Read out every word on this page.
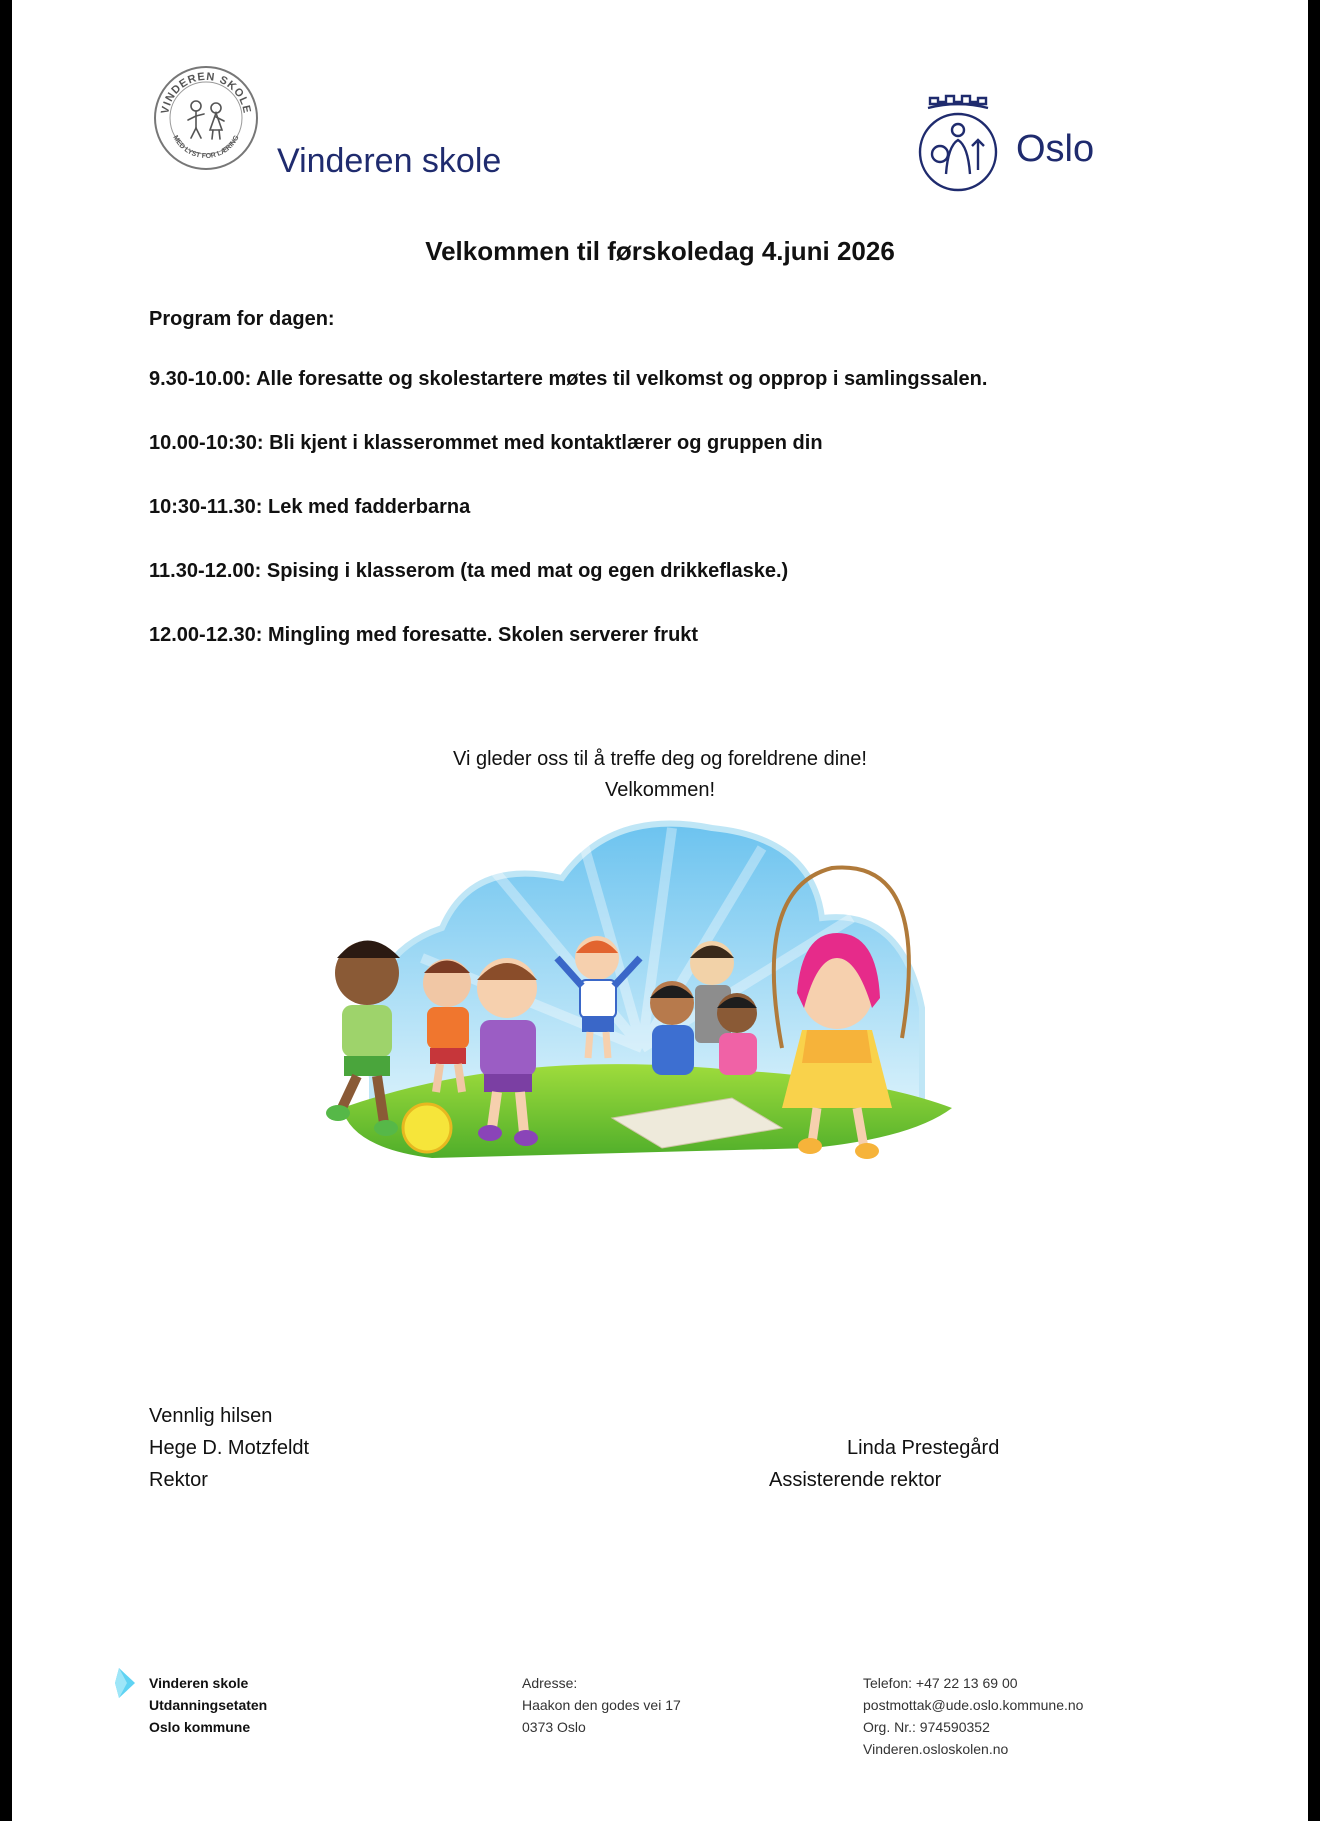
VINDEREN SKOLE
MED LYST FOR LÆRING
Vinderen skole	Oslo
Velkommen til førskoledag 4.juni 2026
Program for dagen:
9.30-10.00: Alle foresatte og skolestartere møtes til velkomst og opprop i samlingssalen.
10.00-10:30: Bli kjent i klasserommet med kontaktlærer og gruppen din
10:30-11.30: Lek med fadderbarna
11.30-12.00: Spising i klasserom (ta med mat og egen drikkeflaske.)
12.00-12.30: Mingling med foresatte. Skolen serverer frukt
Vi gleder oss til å treffe deg og foreldrene dine!
Velkommen!
Vennlig hilsen
Hege D. Motzfeldt
Rektor
Linda Prestegård
Assisterende rektor
Vinderen skole
Utdanningsetaten
Oslo kommune
Adresse:
Haakon den godes vei 17
0373 Oslo
Telefon: +47 22 13 69 00
postmottak@ude.oslo.kommune.no
Org. Nr.: 974590352
Vinderen.osloskolen.no
